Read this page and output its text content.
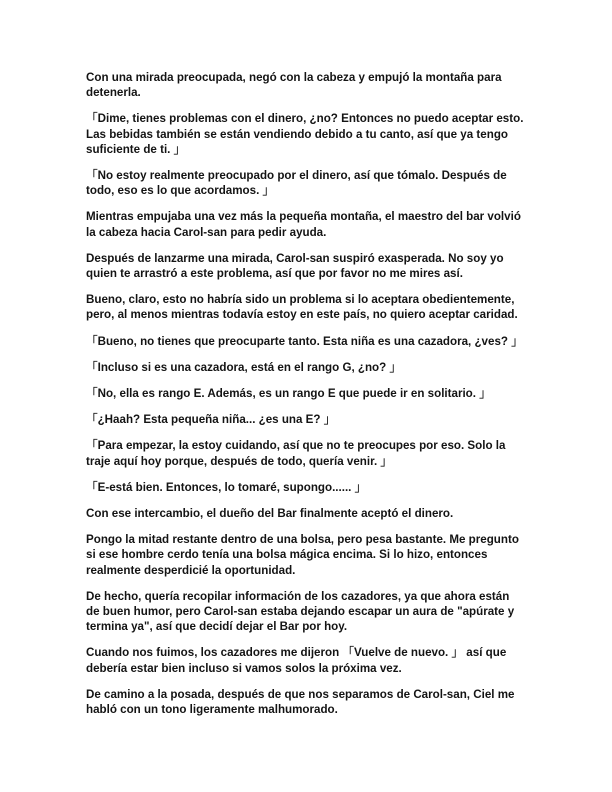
Con una mirada preocupada, negó con la cabeza y empujó la montaña para detenerla.

「Dime, tienes problemas con el dinero, ¿no? Entonces no puedo aceptar esto. Las bebidas también se están vendiendo debido a tu canto, así que ya tengo suficiente de ti. 」

「No estoy realmente preocupado por el dinero, así que tómalo. Después de todo, eso es lo que acordamos. 」

Mientras empujaba una vez más la pequeña montaña, el maestro del bar volvió la cabeza hacia Carol-san para pedir ayuda.

Después de lanzarme una mirada, Carol-san suspiró exasperada. No soy yo quien te arrastró a este problema, así que por favor no me mires así.

Bueno, claro, esto no habría sido un problema si lo aceptara obedientemente, pero, al menos mientras todavía estoy en este país, no quiero aceptar caridad.

「Bueno, no tienes que preocuparte tanto. Esta niña es una cazadora, ¿ves? 」

「Incluso si es una cazadora, está en el rango G, ¿no? 」

「No, ella es rango E. Además, es un rango E que puede ir en solitario. 」

「¿Haah? Esta pequeña niña... ¿es una E? 」

「Para empezar, la estoy cuidando, así que no te preocupes por eso. Solo la traje aquí hoy porque, después de todo, quería venir. 」

「E-está bien. Entonces, lo tomaré, supongo...... 」

Con ese intercambio, el dueño del Bar finalmente aceptó el dinero.

Pongo la mitad restante dentro de una bolsa, pero pesa bastante. Me pregunto si ese hombre cerdo tenía una bolsa mágica encima. Si lo hizo, entonces realmente desperdicié la oportunidad.

De hecho, quería recopilar información de los cazadores, ya que ahora están de buen humor, pero Carol-san estaba dejando escapar un aura de "apúrate y termina ya", así que decidí dejar el Bar por hoy.

Cuando nos fuimos, los cazadores me dijeron 「Vuelve de nuevo. 」 así que debería estar bien incluso si vamos solos la próxima vez.

De camino a la posada, después de que nos separamos de Carol-san, Ciel me habló con un tono ligeramente malhumorado.
